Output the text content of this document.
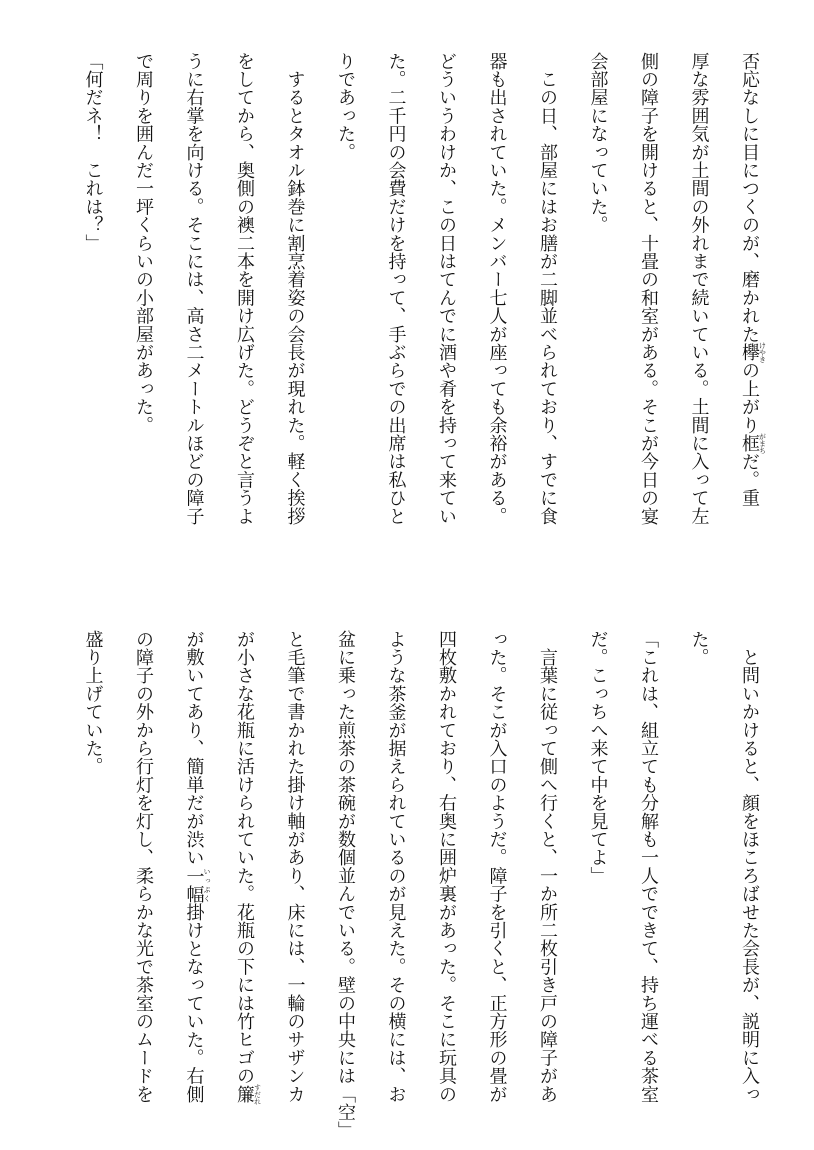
否応なしに目につくのが、磨かれた欅けやきの上がり框がまちだ。重
厚な雰囲気が土間の外れまで続いている。土間に入って左
側の障子を開けると、十畳の和室がある。そこが今日の宴
会部屋になっていた。
　この日、部屋にはお膳が二脚並べられており、すでに食
器も出されていた。メンバー七人が座っても余裕がある。
どういうわけか、この日はてんでに酒や肴を持って来てい
た。二千円の会費だけを持って、手ぶらでの出席は私ひと
りであった。
　するとタオル鉢巻に割烹着姿の会長が現れた。軽く挨拶
をしてから、奥側の襖二本を開け広げた。どうぞと言うよ
うに右掌を向ける。そこには、高さ二メートルほどの障子
で周りを囲んだ一坪くらいの小部屋があった。
「何だネ！　これは？」
　と問いかけると、顔をほころばせた会長が、説明に入っ
た。
「これは、組立ても分解も一人でできて、持ち運べる茶室
だ。こっちへ来て中を見てよ」
　言葉に従って側へ行くと、一か所二枚引き戸の障子があ
った。そこが入口のようだ。障子を引くと、正方形の畳が
四枚敷かれており、右奥に囲炉裏があった。そこに玩具の
ような茶釜が据えられているのが見えた。その横には、お
盆に乗った煎茶の茶碗が数個並んでいる。壁の中央には「空」
と毛筆で書かれた掛け軸があり、床には、一輪のサザンカ
が小さな花瓶に活けられていた。花瓶の下には竹ヒゴの簾すだれ
が敷いてあり、簡単だが渋い一幅いっぷく掛けとなっていた。右側
の障子の外から行灯を灯し、柔らかな光で茶室のムードを
盛り上げていた。
